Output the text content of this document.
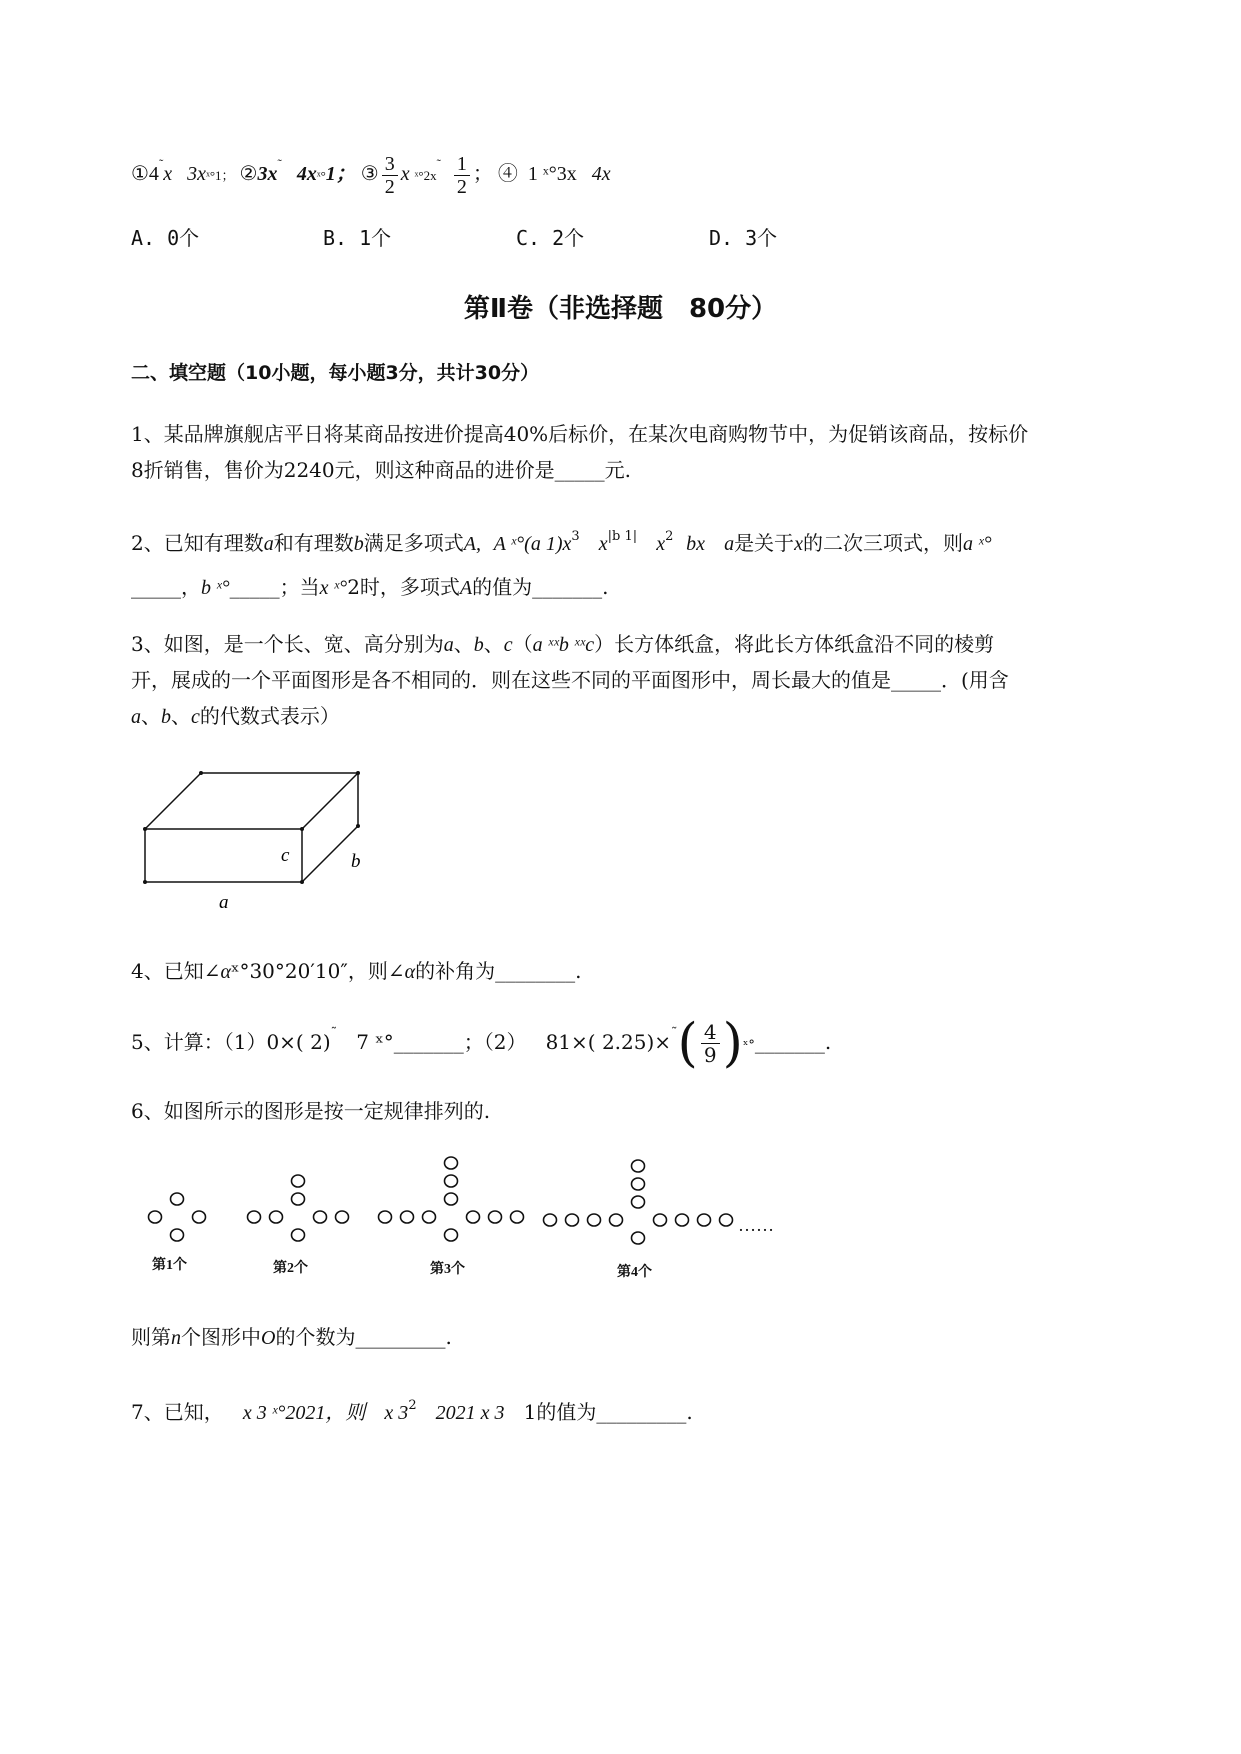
①4˜x 3xˣ°1； ②3x˜ 4xˣ°1； ③ $\frac{3}{2}$ x ˣ°2x˜ $\frac{1}{2}$ ； ④ 1 ˣ°3x 4x
A. 0个	B. 1个	C. 2个	D. 3个
第Ⅱ卷（非选择题　80分）
二、填空题（10小题，每小题3分，共计30分）
1、某品牌旗舰店平日将某商品按进价提高40%后标价，在某次电商购物节中，为促销该商品，按标价
8折销售，售价为2240元，则这种商品的进价是_____元.
2、已知有理数a和有理数b满足多项式A, A ˣ°(a $1)x^3$ $x^{|b 1|}$ $x^2$ bx a是关于x的二次三项式，则a ˣ°
_____，b ˣ°_____；当x ˣ°2时，多项式A的值为_______.
3、如图，是一个长、宽、高分别为a、b、c（a ˣˣb ˣˣc）长方体纸盒，将此长方体纸盒沿不同的棱剪
开，展成的一个平面图形是各不相同的．则在这些不同的平面图形中，周长最大的值是_____．(用含
a、b、c的代数式表示）
c	b
a
4、已知∠αˣ°30°20′10″，则∠α的补角为________.
5、计算：（1）0×( 2)˜ 7 ˣ°_______；（2） 81×( $2.25)\times^˜( \frac{4}{9}$ )ˣ°_______.
6、如图所示的图形是按一定规律排列的.
第1个	第2个	第3个	第4个
……
则第n个图形中O的个数为_________.
7、已知， x 3 ˣ°2021，则 x $3^2$ 2021 x 3 1的值为_________.
